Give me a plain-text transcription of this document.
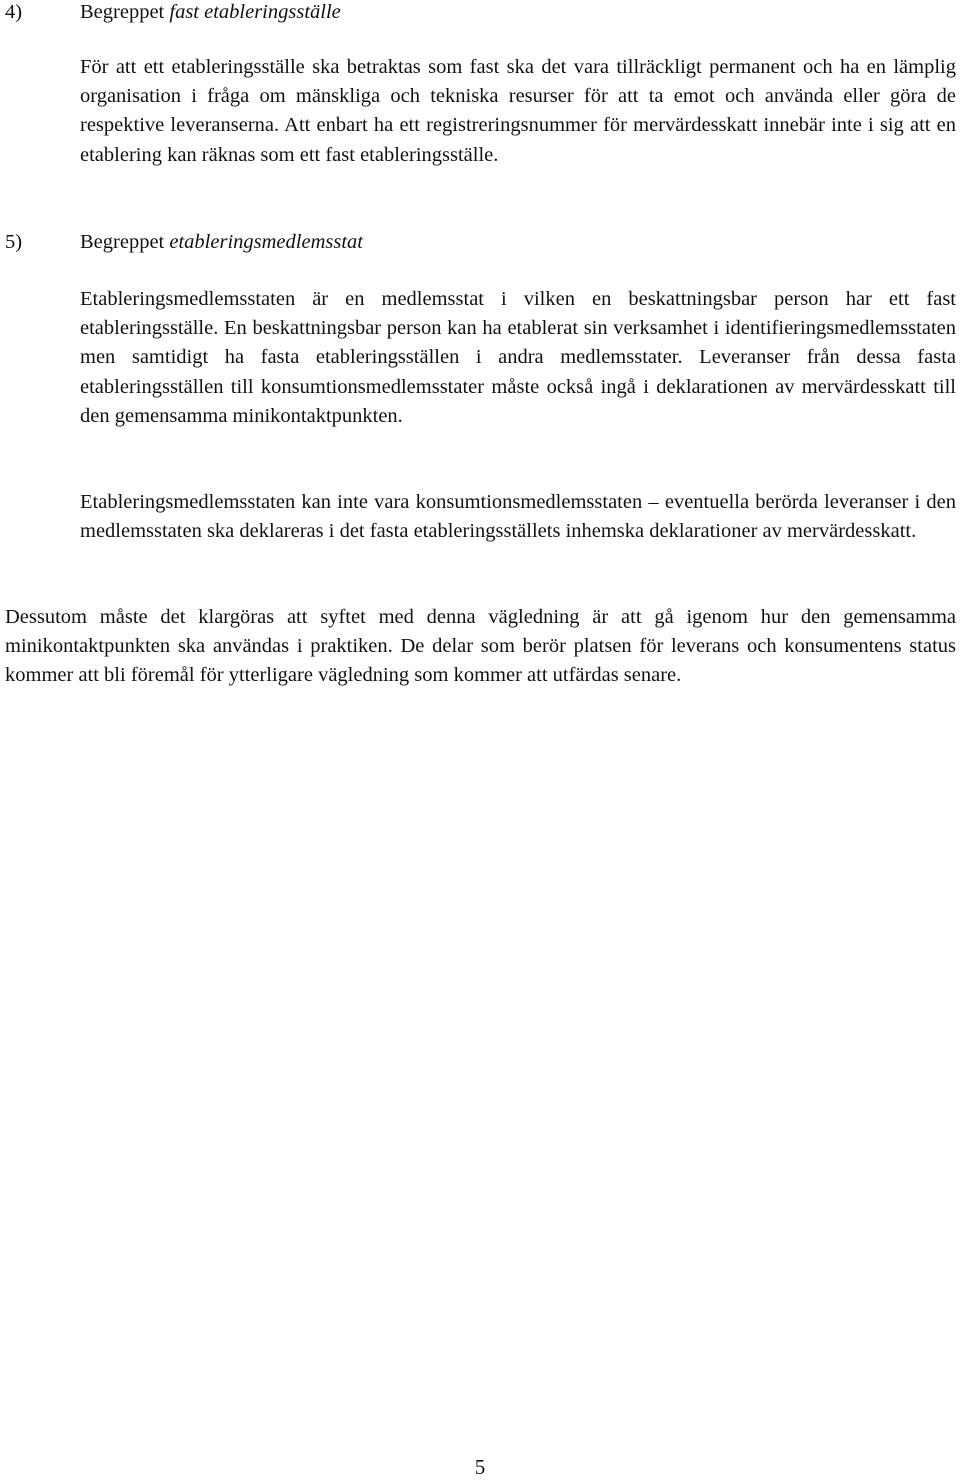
4)	Begreppet fast etableringsställe

För att ett etableringsställe ska betraktas som fast ska det vara tillräckligt permanent och ha en lämplig organisation i fråga om mänskliga och tekniska resurser för att ta emot och använda eller göra de respektive leveranserna. Att enbart ha ett registreringsnummer för mervärdesskatt innebär inte i sig att en etablering kan räknas som ett fast etableringsställe.

5)	Begreppet etableringsmedlemsstat

Etableringsmedlemsstaten är en medlemsstat i vilken en beskattningsbar person har ett fast etableringsställe. En beskattningsbar person kan ha etablerat sin verksamhet i identifieringsmedlemsstaten men samtidigt ha fasta etableringsställen i andra medlemsstater. Leveranser från dessa fasta etableringsställen till konsumtionsmedlemsstater måste också ingå i deklarationen av mervärdesskatt till den gemensamma minikontaktpunkten.

Etableringsmedlemsstaten kan inte vara konsumtionsmedlemsstaten – eventuella berörda leveranser i den medlemsstaten ska deklareras i det fasta etableringsställets inhemska deklarationer av mervärdesskatt.

Dessutom måste det klargöras att syftet med denna vägledning är att gå igenom hur den gemensamma minikontaktpunkten ska användas i praktiken. De delar som berör platsen för leverans och konsumentens status kommer att bli föremål för ytterligare vägledning som kommer att utfärdas senare.

5
